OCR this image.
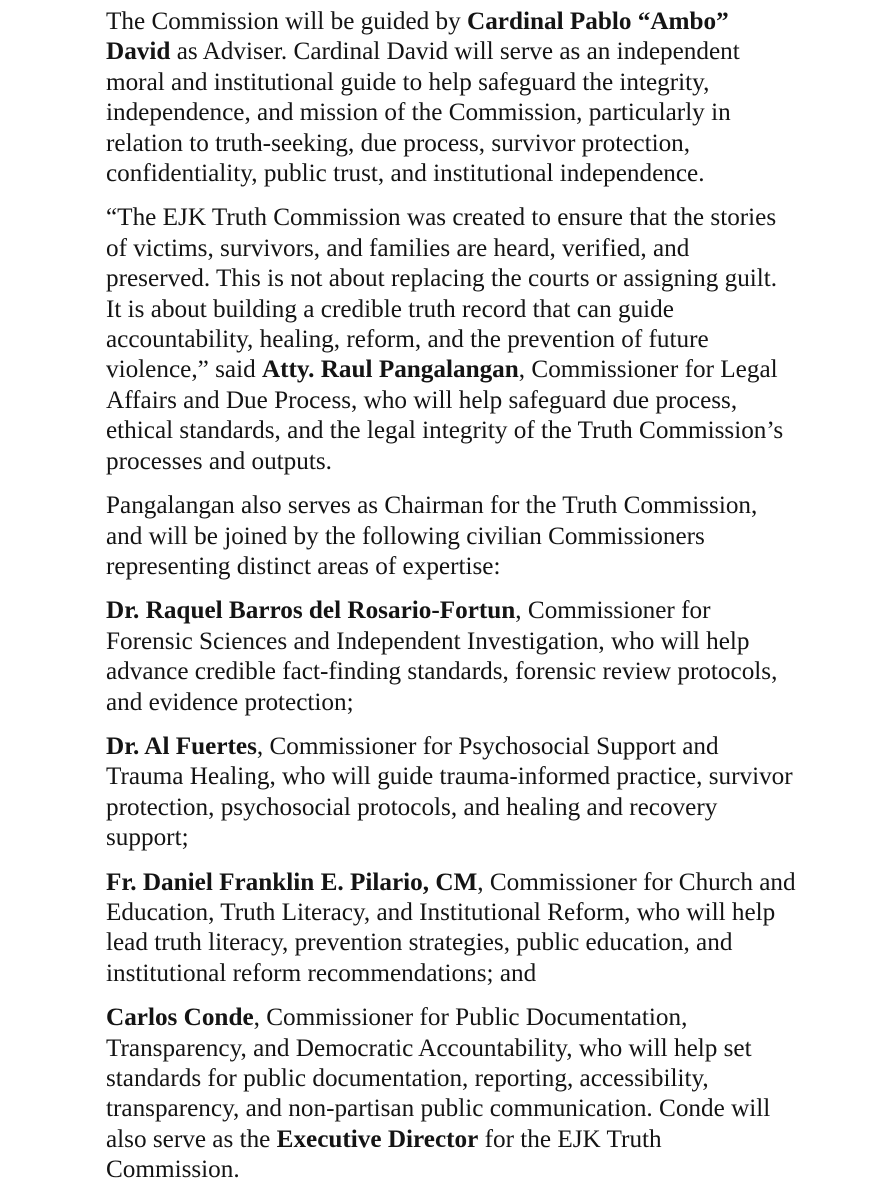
The Commission will be guided by Cardinal Pablo “Ambo” David as Adviser. Cardinal David will serve as an independent moral and institutional guide to help safeguard the integrity, independence, and mission of the Commission, particularly in relation to truth-seeking, due process, survivor protection, confidentiality, public trust, and institutional independence.

“The EJK Truth Commission was created to ensure that the stories of victims, survivors, and families are heard, verified, and preserved. This is not about replacing the courts or assigning guilt. It is about building a credible truth record that can guide accountability, healing, reform, and the prevention of future violence,” said Atty. Raul Pangalangan, Commissioner for Legal Affairs and Due Process, who will help safeguard due process, ethical standards, and the legal integrity of the Truth Commission’s processes and outputs.

Pangalangan also serves as Chairman for the Truth Commission, and will be joined by the following civilian Commissioners representing distinct areas of expertise:

Dr. Raquel Barros del Rosario-Fortun, Commissioner for Forensic Sciences and Independent Investigation, who will help advance credible fact-finding standards, forensic review protocols, and evidence protection;

Dr. Al Fuertes, Commissioner for Psychosocial Support and Trauma Healing, who will guide trauma-informed practice, survivor protection, psychosocial protocols, and healing and recovery support;

Fr. Daniel Franklin E. Pilario, CM, Commissioner for Church and Education, Truth Literacy, and Institutional Reform, who will help lead truth literacy, prevention strategies, public education, and institutional reform recommendations; and

Carlos Conde, Commissioner for Public Documentation, Transparency, and Democratic Accountability, who will help set standards for public documentation, reporting, accessibility, transparency, and non-partisan public communication. Conde will also serve as the Executive Director for the EJK Truth Commission.
